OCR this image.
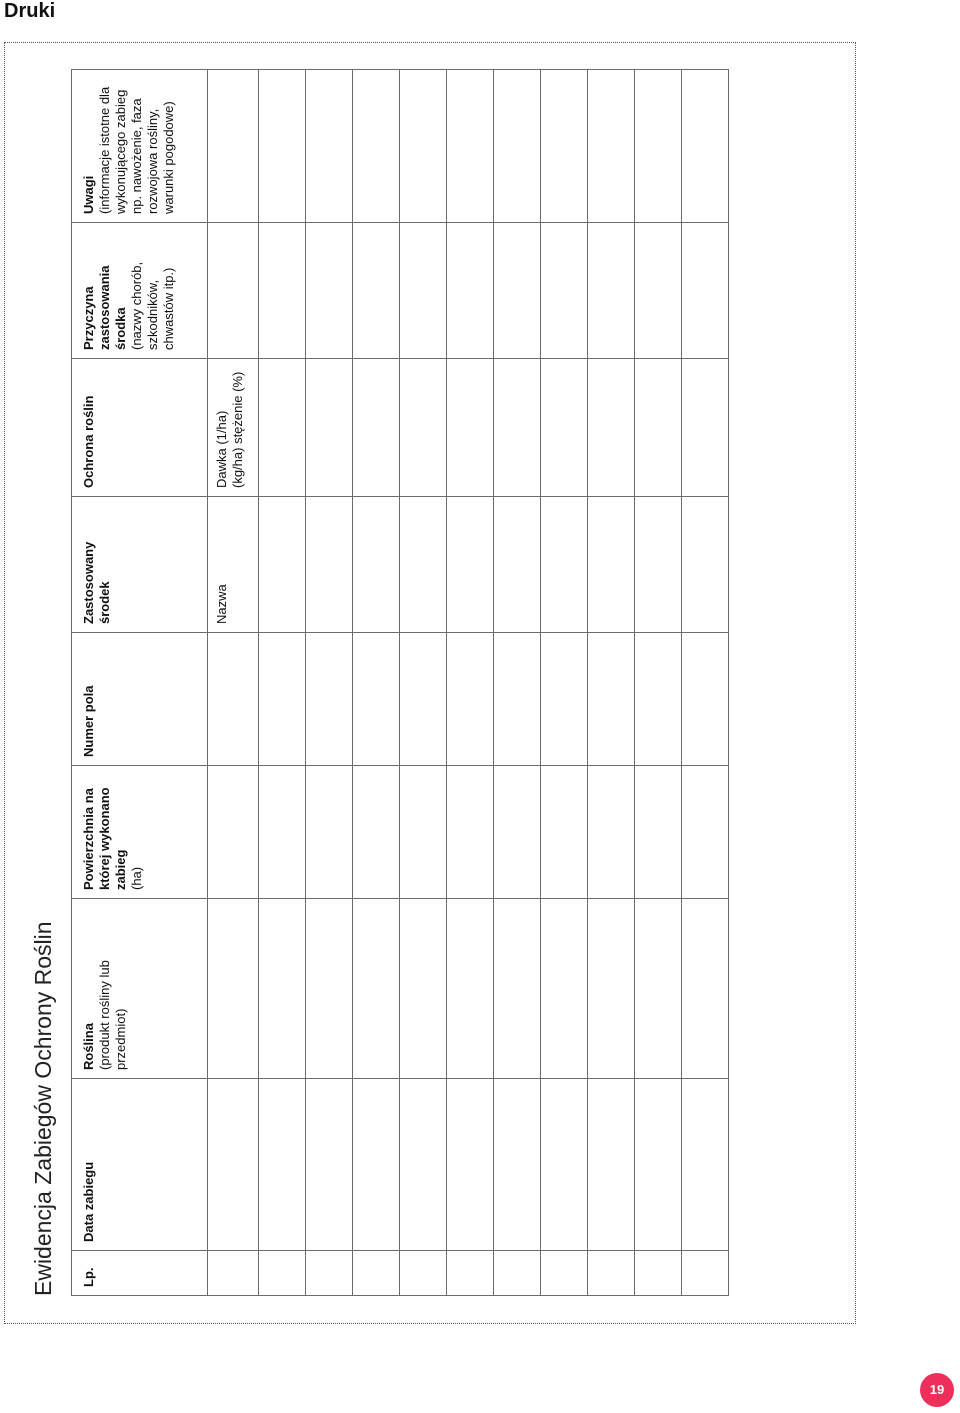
Druki
Ewidencja Zabiegów Ochrony Roślin Lp.	Data zabiegu	Roślina (produkt rośliny lub przedmiot)	Powierzchnia na której wykonano zabieg (ha)	Numer pola	Zastosowany środek	Ochrona roślin	Przyczyna zastosowania środka (nazwy chorób, szkodników, chwastów itp.)	Uwagi (informacje istotne dla wykonującego zabieg np. nawożenie, faza rozwojowa rośliny, warunki pogodowe)

					Nazwa	Dawka (1/ha) (kg/ha) stężenie (%)		

19
